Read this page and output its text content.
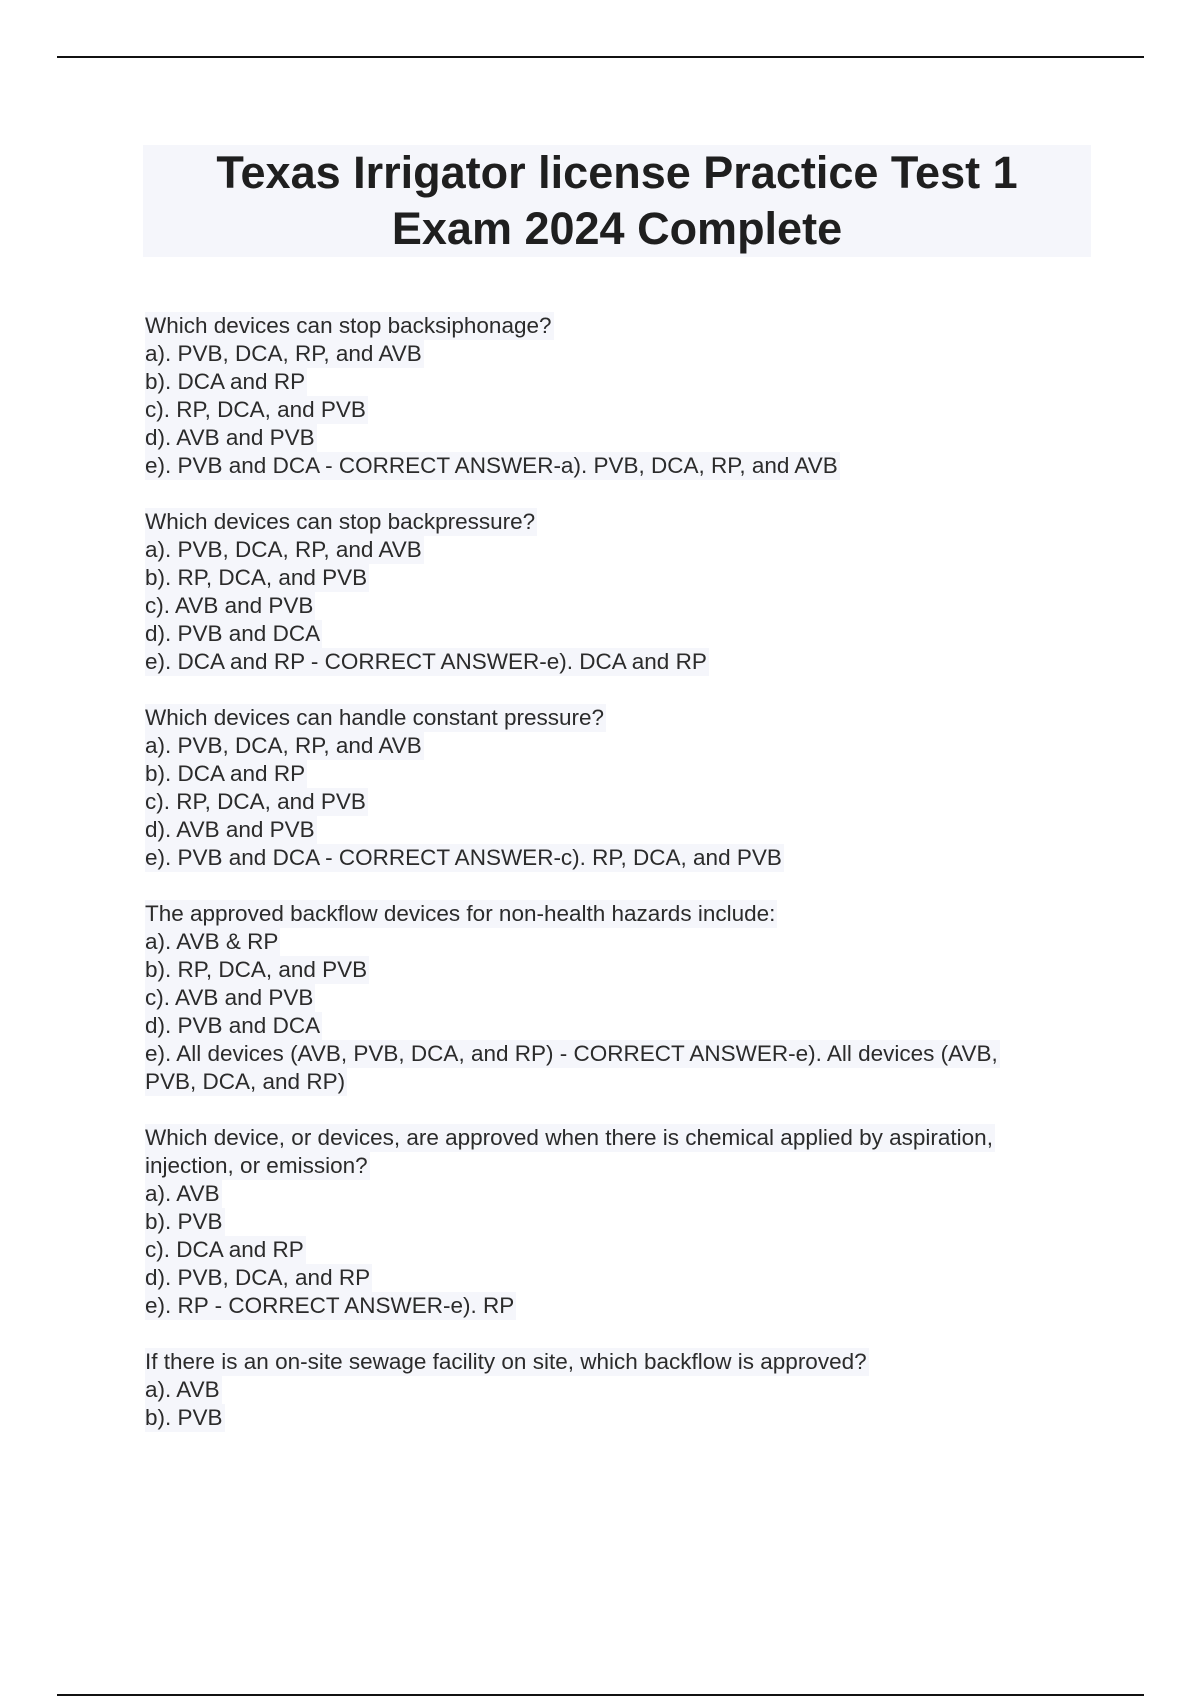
Texas Irrigator license Practice Test 1
Exam 2024 Complete
Which devices can stop backsiphonage?
a). PVB, DCA, RP, and AVB
b). DCA and RP
c). RP, DCA, and PVB
d). AVB and PVB
e). PVB and DCA - CORRECT ANSWER-a). PVB, DCA, RP, and AVB
Which devices can stop backpressure?
a). PVB, DCA, RP, and AVB
b). RP, DCA, and PVB
c). AVB and PVB
d). PVB and DCA
e). DCA and RP - CORRECT ANSWER-e). DCA and RP
Which devices can handle constant pressure?
a). PVB, DCA, RP, and AVB
b). DCA and RP
c). RP, DCA, and PVB
d). AVB and PVB
e). PVB and DCA - CORRECT ANSWER-c). RP, DCA, and PVB
The approved backflow devices for non-health hazards include:
a). AVB & RP
b). RP, DCA, and PVB
c). AVB and PVB
d). PVB and DCA
e). All devices (AVB, PVB, DCA, and RP) - CORRECT ANSWER-e). All devices (AVB,
PVB, DCA, and RP)
Which device, or devices, are approved when there is chemical applied by aspiration,
injection, or emission?
a). AVB
b). PVB
c). DCA and RP
d). PVB, DCA, and RP
e). RP - CORRECT ANSWER-e). RP
If there is an on-site sewage facility on site, which backflow is approved?
a). AVB
b). PVB
